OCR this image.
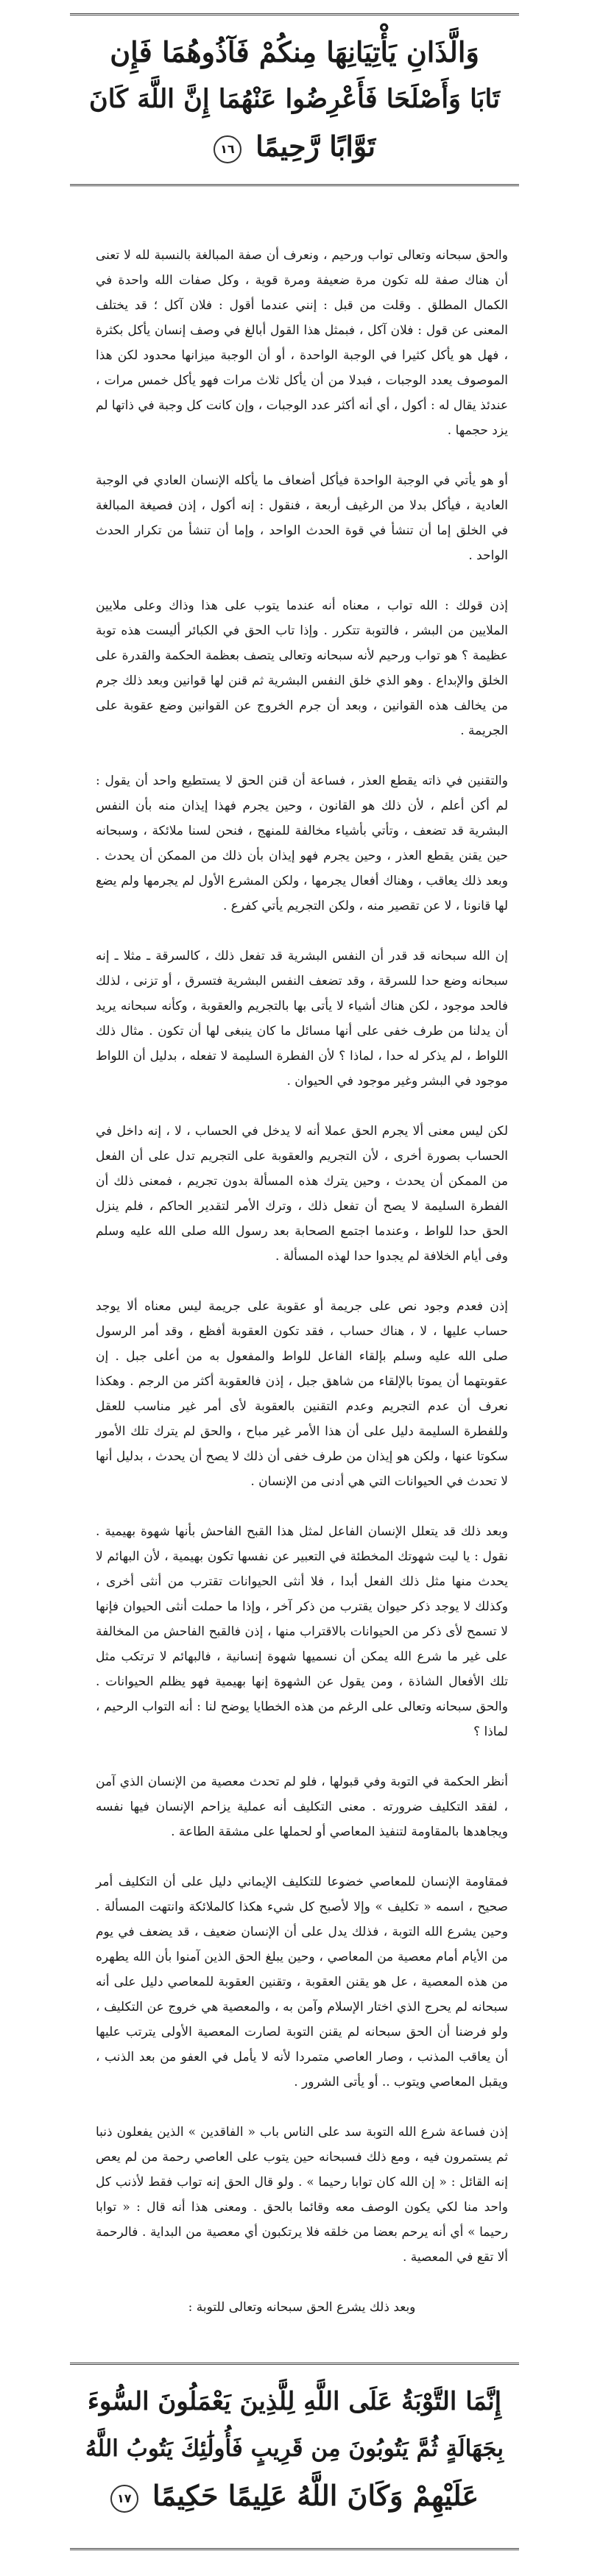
وَالَّذَانِ يَأْتِيَانِهَا مِنكُمْ فَآذُوهُمَا فَإِن
تَابَا وَأَصْلَحَا فَأَعْرِضُوا عَنْهُمَا إِنَّ اللَّهَ كَانَ
تَوَّابًا رَّحِيمًا ١٦

والحق سبحانه وتعالى تواب ورحيم ، ونعرف أن صفة المبالغة بالنسبة لله لا تعنى أن هناك صفة لله تكون مرة ضعيفة ومرة قوية ، وكل صفات الله واحدة في الكمال المطلق . وقلت من قبل : إنني عندما أقول : فلان آكل ؛ قد يختلف المعنى عن قول : فلان آكل ، فبمثل هذا القول أبالغ في وصف إنسان يأكل بكثرة ، فهل هو يأكل كثيرا في الوجبة الواحدة ، أو أن الوجبة ميزانها محدود لكن هذا الموصوف يعدد الوجبات ، فبدلا من أن يأكل ثلاث مرات فهو يأكل خمس مرات ، عندئذ يقال له : أكول ، أي أنه أكثر عدد الوجبات ، وإن كانت كل وجبة في ذاتها لم يزد حجمها .

أو هو يأتي في الوجبة الواحدة فيأكل أضعاف ما يأكله الإنسان العادي في الوجبة العادية ، فيأكل بدلا من الرغيف أربعة ، فنقول : إنه أكول ، إذن فصيغة المبالغة في الخلق إما أن تنشأ في قوة الحدث الواحد ، وإما أن تنشأ من تكرار الحدث الواحد .

إذن قولك : الله تواب ، معناه أنه عندما يتوب على هذا وذاك وعلى ملايين الملايين من البشر ، فالتوبة تتكرر . وإذا تاب الحق في الكبائر أليست هذه توبة عظيمة ؟ هو تواب ورحيم لأنه سبحانه وتعالى يتصف بعظمة الحكمة والقدرة على الخلق والإبداع . وهو الذي خلق النفس البشرية ثم قنن لها قوانين وبعد ذلك جرم من يخالف هذه القوانين ، وبعد أن جرم الخروج عن القوانين وضع عقوبة على الجريمة .

والتقنين في ذاته يقطع العذر ، فساعة أن قنن الحق لا يستطيع واحد أن يقول : لم أكن أعلم ، لأن ذلك هو القانون ، وحين يجرم فهذا إيذان منه بأن النفس البشرية قد تضعف ، وتأتي بأشياء مخالفة للمنهج ، فنحن لسنا ملائكة ، وسبحانه حين يقنن يقطع العذر ، وحين يجرم فهو إيذان بأن ذلك من الممكن أن يحدث . وبعد ذلك يعاقب ، وهناك أفعال يجرمها ، ولكن المشرع الأول لم يجرمها ولم يضع لها قانونا ، لا عن تقصير منه ، ولكن التجريم يأتي كفرع .

إن الله سبحانه قد قدر أن النفس البشرية قد تفعل ذلك ، كالسرقة ـ مثلا ـ إنه سبحانه وضع حدا للسرقة ، وقد تضعف النفس البشرية فتسرق ، أو تزنى ، لذلك فالحد موجود ، لكن هناك أشياء لا يأتى بها بالتجريم والعقوبة ، وكأنه سبحانه يريد أن يدلنا من طرف خفى على أنها مسائل ما كان ينبغى لها أن تكون . مثال ذلك اللواط ، لم يذكر له حدا ، لماذا ؟ لأن الفطرة السليمة لا تفعله ، بدليل أن اللواط موجود في البشر وغير موجود في الحيوان .

لكن ليس معنى ألا يجرم الحق عملا أنه لا يدخل في الحساب ، لا ، إنه داخل في الحساب بصورة أخرى ، لأن التجريم والعقوبة على التجريم تدل على أن الفعل من الممكن أن يحدث ، وحين يترك هذه المسألة بدون تجريم ، فمعنى ذلك أن الفطرة السليمة لا يصح أن تفعل ذلك ، وترك الأمر لتقدير الحاكم ، فلم ينزل الحق حدا للواط ، وعندما اجتمع الصحابة بعد رسول الله صلى الله عليه وسلم وفى أيام الخلافة لم يجدوا حدا لهذه المسألة .

إذن فعدم وجود نص على جريمة أو عقوبة على جريمة ليس معناه ألا يوجد حساب عليها ، لا ، هناك حساب ، فقد تكون العقوبة أفظع ، وقد أمر الرسول صلى الله عليه وسلم بإلقاء الفاعل للواط والمفعول به من أعلى جبل . إن عقوبتهما أن يموتا بالإلقاء من شاهق جبل ، إذن فالعقوبة أكثر من الرجم . وهكذا نعرف أن عدم التجريم وعدم التقنين بالعقوبة لأى أمر غير مناسب للعقل وللفطرة السليمة دليل على أن هذا الأمر غير مباح ، والحق لم يترك تلك الأمور سكوتا عنها ، ولكن هو إيذان من طرف خفى أن ذلك لا يصح أن يحدث ، بدليل أنها لا تحدث في الحيوانات التي هي أدنى من الإنسان .

وبعد ذلك قد يتعلل الإنسان الفاعل لمثل هذا القبح الفاحش بأنها شهوة بهيمية . نقول : يا ليت شهوتك المخطئة في التعبير عن نفسها تكون بهيمية ، لأن البهائم لا يحدث منها مثل ذلك الفعل أبدا ، فلا أنثى الحيوانات تقترب من أنثى أخرى ، وكذلك لا يوجد ذكر حيوان يقترب من ذكر آخر ، وإذا ما حملت أنثى الحيوان فإنها لا تسمح لأى ذكر من الحيوانات بالاقتراب منها ، إذن فالقبح الفاحش من المخالفة على غير ما شرع الله يمكن أن نسميها شهوة إنسانية ، فالبهائم لا ترتكب مثل تلك الأفعال الشاذة ، ومن يقول عن الشهوة إنها بهيمية فهو يظلم الحيوانات . والحق سبحانه وتعالى على الرغم من هذه الخطايا يوضح لنا : أنه التواب الرحيم ، لماذا ؟

أنظر الحكمة في التوبة وفي قبولها ، فلو لم تحدث معصية من الإنسان الذي آمن ، لفقد التكليف ضرورته . معنى التكليف أنه عملية يزاحم الإنسان فيها نفسه ويجاهدها بالمقاومة لتنفيذ المعاصي أو لحملها على مشقة الطاعة .

فمقاومة الإنسان للمعاصي خضوعا للتكليف الإيماني دليل على أن التكليف أمر صحيح ، اسمه « تكليف » وإلا لأصبح كل شيء هكذا كالملائكة وانتهت المسألة . وحين يشرع الله التوبة ، فذلك يدل على أن الإنسان ضعيف ، قد يضعف في يوم من الأيام أمام معصية من المعاصي ، وحين يبلغ الحق الذين آمنوا بأن الله يطهره من هذه المعصية ، عل هو يقنن العقوبة ، وتقنين العقوبة للمعاصي دليل على أنه سبحانه لم يحرج الذي اختار الإسلام وآمن به ، والمعصية هي خروج عن التكليف ، ولو فرضنا أن الحق سبحانه لم يقنن التوبة لصارت المعصية الأولى يترتب عليها أن يعاقب المذنب ، وصار العاصي متمردا لأنه لا يأمل في العفو من بعد الذنب ، ويقبل المعاصي ويتوب .. أو يأتى الشرور .

إذن فساعة شرع الله التوبة سد على الناس باب « الفاقدين » الذين يفعلون ذنبا ثم يستمرون فيه ، ومع ذلك فسبحانه حين يتوب على العاصي رحمة من لم يعص إنه القائل : « إن الله كان توابا رحيما » . ولو قال الحق إنه تواب فقط لأذنب كل واحد منا لكي يكون الوصف معه وقائما بالحق . ومعنى هذا أنه قال : « توابا رحيما » أي أنه يرحم بعضا من خلقه فلا يرتكبون أي معصية من البداية . فالرحمة ألا تقع في المعصية .

وبعد ذلك يشرع الحق سبحانه وتعالى للتوبة :

إِنَّمَا التَّوْبَةُ عَلَى اللَّهِ لِلَّذِينَ يَعْمَلُونَ السُّوءَ
بِجَهَالَةٍ ثُمَّ يَتُوبُونَ مِن قَرِيبٍ فَأُولَٰئِكَ يَتُوبُ اللَّهُ
عَلَيْهِمْ وَكَانَ اللَّهُ عَلِيمًا حَكِيمًا ١٧
